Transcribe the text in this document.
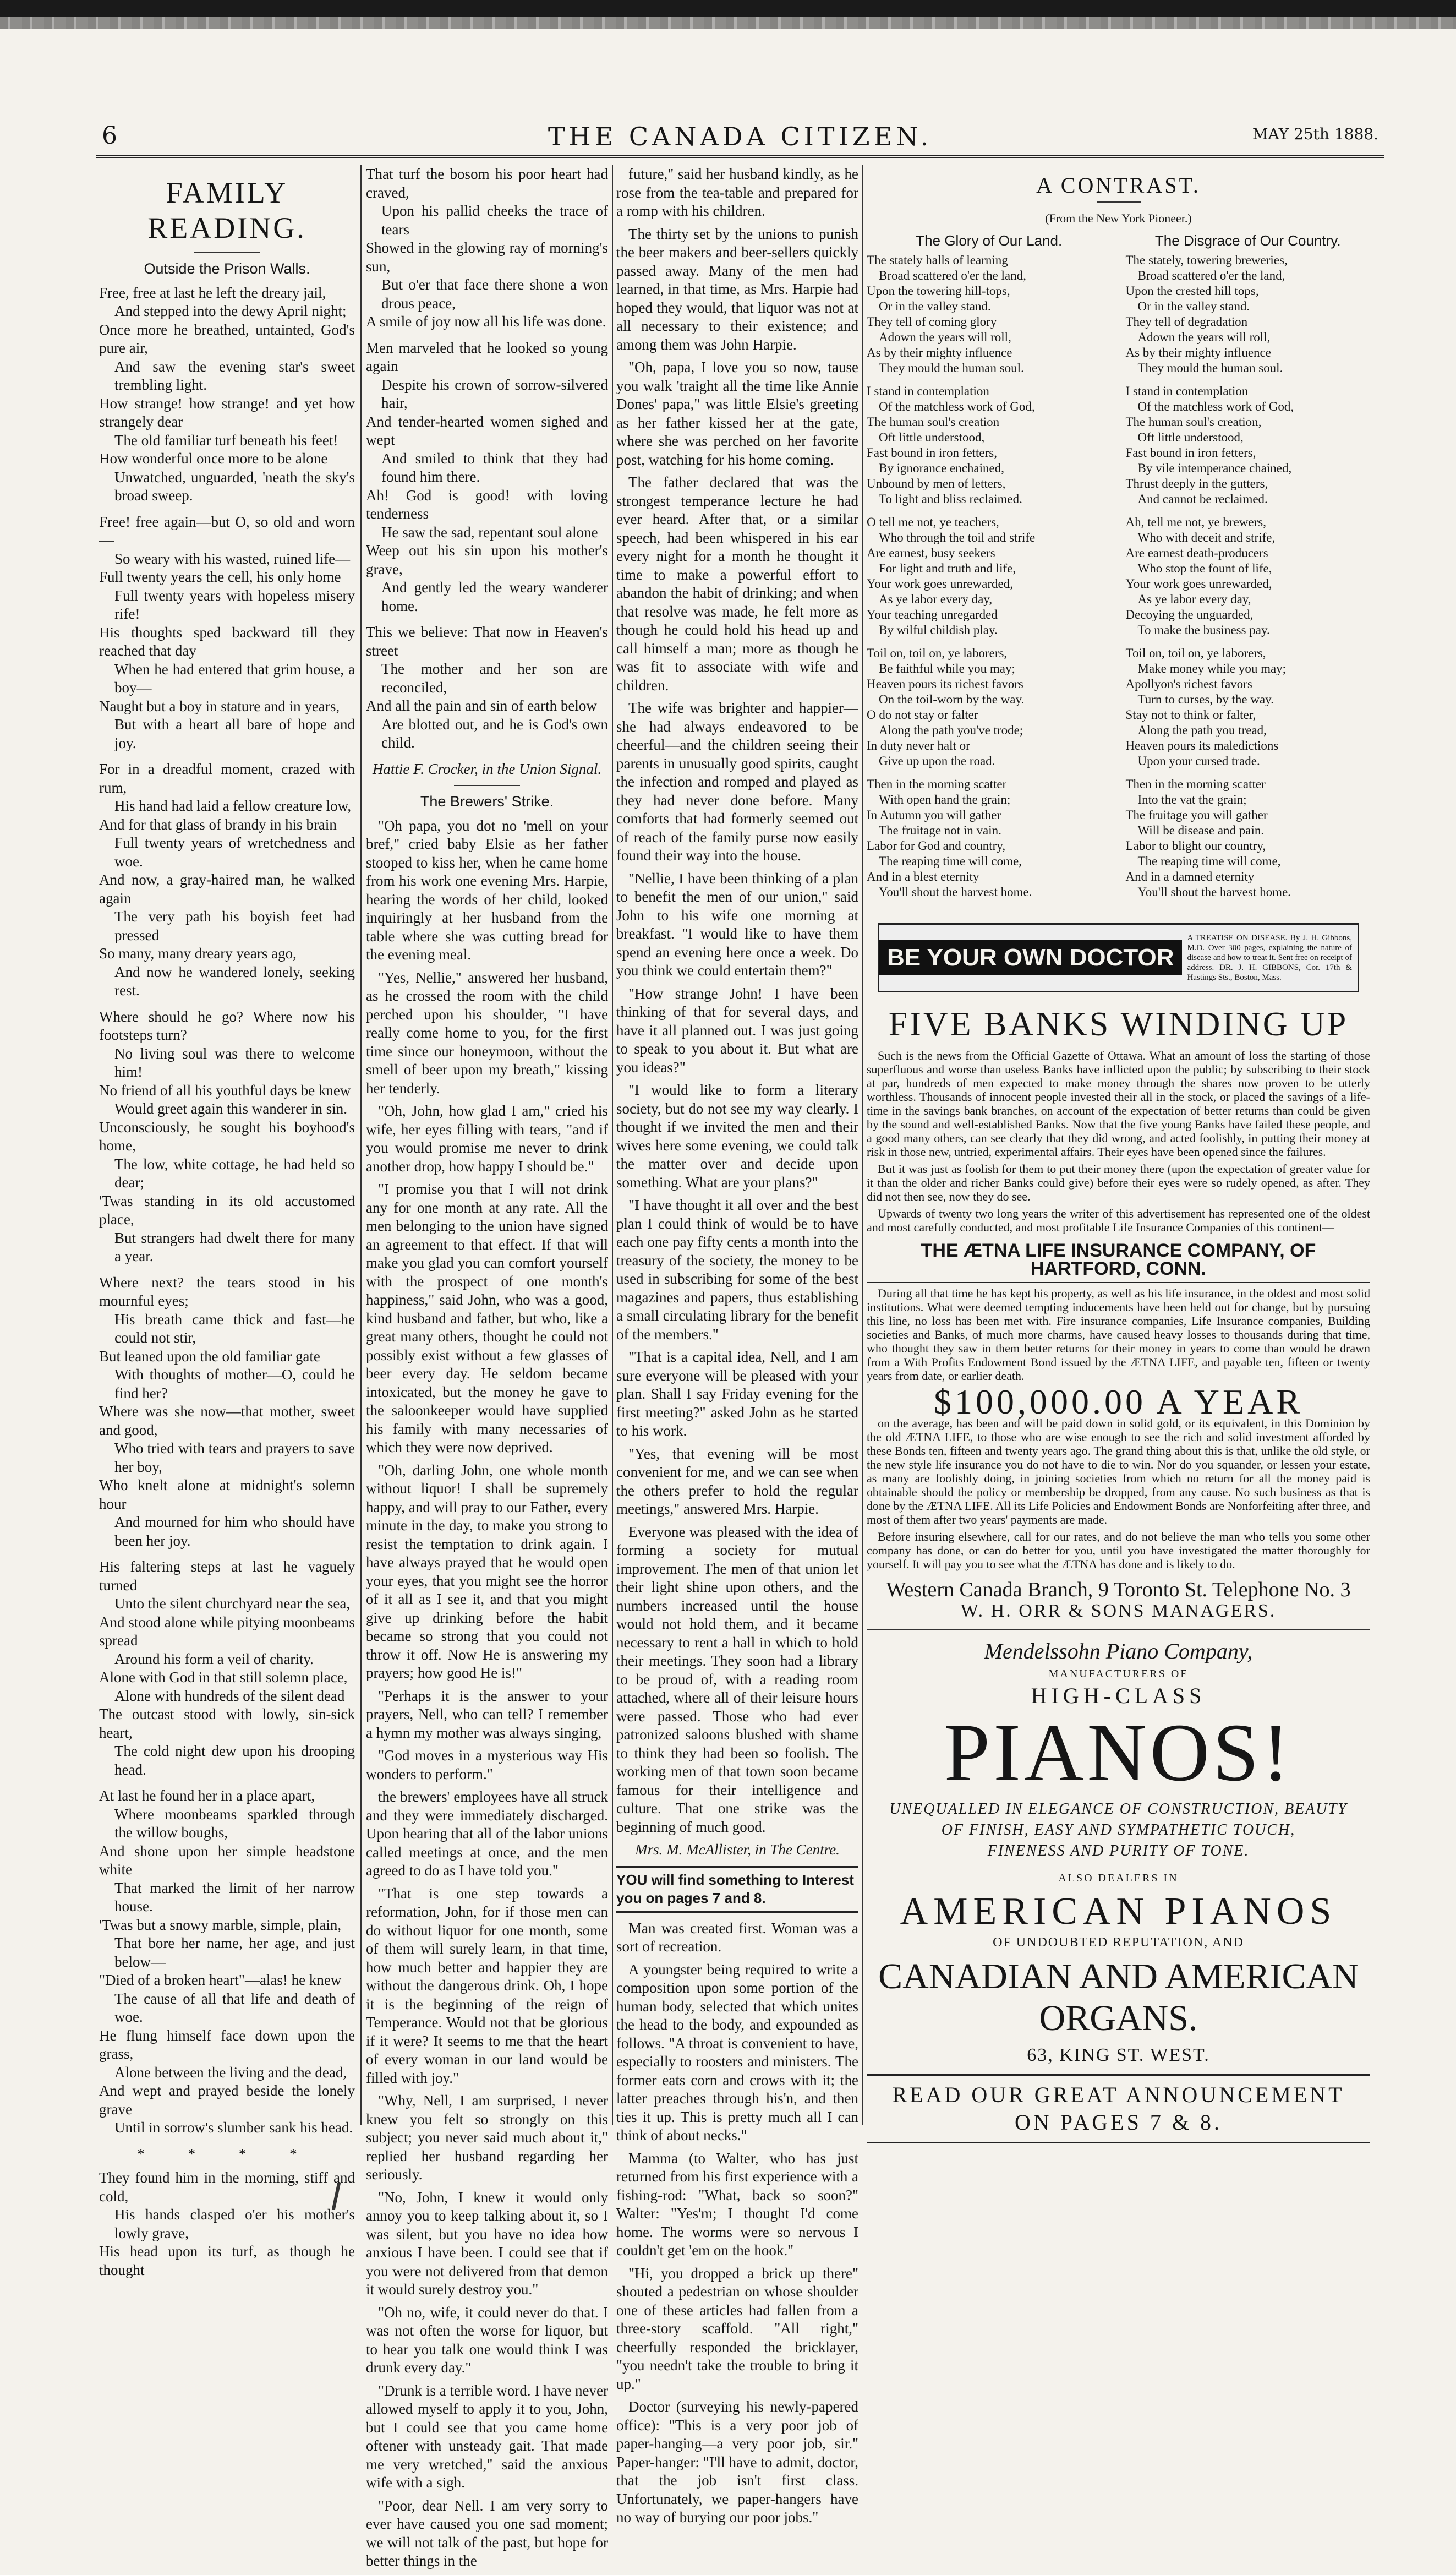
6	THE CANADA CITIZEN.	MAY 25th 1888.
FAMILY READING.
Outside the Prison Walls.

Free, free at last he left the dreary jail,

And stepped into the dewy April night;

Once more he breathed, untainted, God's pure air,

And saw the evening star's sweet trembling light.

How strange! how strange! and yet how strangely dear

The old familiar turf beneath his feet!

How wonderful once more to be alone

Unwatched, unguarded, 'neath the sky's broad sweep.

Free! free again—but O, so old and worn—

So weary with his wasted, ruined life—

Full twenty years the cell, his only home

Full twenty years with hopeless misery rife!

His thoughts sped backward till they reached that day

When he had entered that grim house, a boy—

Naught but a boy in stature and in years,

But with a heart all bare of hope and joy.

For in a dreadful moment, crazed with rum,

His hand had laid a fellow creature low,

And for that glass of brandy in his brain

Full twenty years of wretchedness and woe.

And now, a gray-haired man, he walked again

The very path his boyish feet had pressed

So many, many dreary years ago,

And now he wandered lonely, seeking rest.

Where should he go? Where now his footsteps turn?

No living soul was there to welcome him!

No friend of all his youthful days be knew

Would greet again this wanderer in sin.

Unconsciously, he sought his boyhood's home,

The low, white cottage, he had held so dear;

'Twas standing in its old accustomed place,

But strangers had dwelt there for many a year.

Where next? the tears stood in his mournful eyes;

His breath came thick and fast—he could not stir,

But leaned upon the old familiar gate

With thoughts of mother—O, could he find her?

Where was she now—that mother, sweet and good,

Who tried with tears and prayers to save her boy,

Who knelt alone at midnight's solemn hour

And mourned for him who should have been her joy.

His faltering steps at last he vaguely turned

Unto the silent churchyard near the sea,

And stood alone while pitying moonbeams spread

Around his form a veil of charity.

Alone with God in that still solemn place,

Alone with hundreds of the silent dead

The outcast stood with lowly, sin-sick heart,

The cold night dew upon his drooping head.

At last he found her in a place apart,

Where moonbeams sparkled through the willow boughs,

And shone upon her simple headstone white

That marked the limit of her narrow house.

'Twas but a snowy marble, simple, plain,

That bore her name, her age, and just below—

"Died of a broken heart"—alas! he knew

The cause of all that life and death of woe.

He flung himself face down upon the grass,

Alone between the living and the dead,

And wept and prayed beside the lonely grave

Until in sorrow's slumber sank his head.

* * * *

They found him in the morning, stiff and cold,

His hands clasped o'er his mother's lowly grave,

His head upon its turf, as though he thought

That turf the bosom his poor heart had craved,

Upon his pallid cheeks the trace of tears

Showed in the glowing ray of morning's sun,

But o'er that face there shone a won drous peace,

A smile of joy now all his life was done.

Men marveled that he looked so young again

Despite his crown of sorrow-silvered hair,

And tender-hearted women sighed and wept

And smiled to think that they had found him there.

Ah! God is good! with loving tenderness

He saw the sad, repentant soul alone

Weep out his sin upon his mother's grave,

And gently led the weary wanderer home.

This we believe: That now in Heaven's street

The mother and her son are reconciled,

And all the pain and sin of earth below

Are blotted out, and he is God's own child.

Hattie F. Crocker, in the Union Signal.
The Brewers' Strike.

"Oh papa, you dot no 'mell on your bref," cried baby Elsie as her father stooped to kiss her, when he came home from his work one evening Mrs. Harpie, hearing the words of her child, looked inquiringly at her husband from the table where she was cutting bread for the evening meal.

"Yes, Nellie," answered her husband, as he crossed the room with the child perched upon his shoulder, "I have really come home to you, for the first time since our honeymoon, without the smell of beer upon my breath," kissing her tenderly.

"Oh, John, how glad I am," cried his wife, her eyes filling with tears, "and if you would promise me never to drink another drop, how happy I should be."

"I promise you that I will not drink any for one month at any rate. All the men belonging to the union have signed an agreement to that effect. If that will make you glad you can comfort yourself with the prospect of one month's happiness," said John, who was a good, kind husband and father, but who, like a great many others, thought he could not possibly exist without a few glasses of beer every day. He seldom became intoxicated, but the money he gave to the saloonkeeper would have supplied his family with many necessaries of which they were now deprived.

"Oh, darling John, one whole month without liquor! I shall be supremely happy, and will pray to our Father, every minute in the day, to make you strong to resist the temptation to drink again. I have always prayed that he would open your eyes, that you might see the horror of it all as I see it, and that you might give up drinking before the habit became so strong that you could not throw it off. Now He is answering my prayers; how good He is!"

"Perhaps it is the answer to your prayers, Nell, who can tell? I remember a hymn my mother was always singing,

"God moves in a mysterious way His wonders to perform."

the brewers' employees have all struck and they were immediately discharged. Upon hearing that all of the labor unions called meetings at once, and the men agreed to do as I have told you."

"That is one step towards a reformation, John, for if those men can do without liquor for one month, some of them will surely learn, in that time, how much better and happier they are without the dangerous drink. Oh, I hope it is the beginning of the reign of Temperance. Would not that be glorious if it were? It seems to me that the heart of every woman in our land would be filled with joy."

"Why, Nell, I am surprised, I never knew you felt so strongly on this subject; you never said much about it," replied her husband regarding her seriously.

"No, John, I knew it would only annoy you to keep talking about it, so I was silent, but you have no idea how anxious I have been. I could see that if you were not delivered from that demon it would surely destroy you."

"Oh no, wife, it could never do that. I was not often the worse for liquor, but to hear you talk one would think I was drunk every day."

"Drunk is a terrible word. I have never allowed myself to apply it to you, John, but I could see that you came home oftener with unsteady gait. That made me very wretched," said the anxious wife with a sigh.

"Poor, dear Nell. I am very sorry to ever have caused you one sad moment; we will not talk of the past, but hope for better things in the

future," said her husband kindly, as he rose from the tea-table and prepared for a romp with his children.

The thirty set by the unions to punish the beer makers and beer-sellers quickly passed away. Many of the men had learned, in that time, as Mrs. Harpie had hoped they would, that liquor was not at all necessary to their existence; and among them was John Harpie.

"Oh, papa, I love you so now, tause you walk 'traight all the time like Annie Dones' papa," was little Elsie's greeting as her father kissed her at the gate, where she was perched on her favorite post, watching for his home coming.

The father declared that was the strongest temperance lecture he had ever heard. After that, or a similar speech, had been whispered in his ear every night for a month he thought it time to make a powerful effort to abandon the habit of drinking; and when that resolve was made, he felt more as though he could hold his head up and call himself a man; more as though he was fit to associate with wife and children.

The wife was brighter and happier—she had always endeavored to be cheerful—and the children seeing their parents in unusually good spirits, caught the infection and romped and played as they had never done before. Many comforts that had formerly seemed out of reach of the family purse now easily found their way into the house.

"Nellie, I have been thinking of a plan to benefit the men of our union," said John to his wife one morning at breakfast. "I would like to have them spend an evening here once a week. Do you think we could entertain them?"

"How strange John! I have been thinking of that for several days, and have it all planned out. I was just going to speak to you about it. But what are you ideas?"

"I would like to form a literary society, but do not see my way clearly. I thought if we invited the men and their wives here some evening, we could talk the matter over and decide upon something. What are your plans?"

"I have thought it all over and the best plan I could think of would be to have each one pay fifty cents a month into the treasury of the society, the money to be used in subscribing for some of the best magazines and papers, thus establishing a small circulating library for the benefit of the members."

"That is a capital idea, Nell, and I am sure everyone will be pleased with your plan. Shall I say Friday evening for the first meeting?" asked John as he started to his work.

"Yes, that evening will be most convenient for me, and we can see when the others prefer to hold the regular meetings," answered Mrs. Harpie.

Everyone was pleased with the idea of forming a society for mutual improvement. The men of that union let their light shine upon others, and the numbers increased until the house would not hold them, and it became necessary to rent a hall in which to hold their meetings. They soon had a library to be proud of, with a reading room attached, where all of their leisure hours were passed. Those who had ever patronized saloons blushed with shame to think they had been so foolish. The working men of that town soon became famous for their intelligence and culture. That one strike was the beginning of much good.

Mrs. M. McAllister, in The Centre.
YOU will find something to Interest you on pages 7 and 8.

Man was created first. Woman was a sort of recreation.

A youngster being required to write a composition upon some portion of the human body, selected that which unites the head to the body, and expounded as follows. "A throat is convenient to have, especially to roosters and ministers. The former eats corn and crows with it; the latter preaches through his'n, and then ties it up. This is pretty much all I can think of about necks."

Mamma (to Walter, who has just returned from his first experience with a fishing-rod: "What, back so soon?" Walter: "Yes'm; I thought I'd come home. The worms were so nervous I couldn't get 'em on the hook."

"Hi, you dropped a brick up there" shouted a pedestrian on whose shoulder one of these articles had fallen from a three-story scaffold. "All right," cheerfully responded the bricklayer, "you needn't take the trouble to bring it up."

Doctor (surveying his newly-papered office): "This is a very poor job of paper-hanging—a very poor job, sir." Paper-hanger: "I'll have to admit, doctor, that the job isn't first class. Unfortunately, we paper-hangers have no way of burying our poor jobs."

A CONTRAST.
(From the New York Pioneer.)
The Glory of Our Land.

The stately halls of learning

Broad scattered o'er the land,

Upon the towering hill-tops,

Or in the valley stand.

They tell of coming glory

Adown the years will roll,

As by their mighty influence

They mould the human soul.

I stand in contemplation

Of the matchless work of God,

The human soul's creation

Oft little understood,

Fast bound in iron fetters,

By ignorance enchained,

Unbound by men of letters,

To light and bliss reclaimed.

O tell me not, ye teachers,

Who through the toil and strife

Are earnest, busy seekers

For light and truth and life,

Your work goes unrewarded,

As ye labor every day,

Your teaching unregarded

By wilful childish play.

Toil on, toil on, ye laborers,

Be faithful while you may;

Heaven pours its richest favors

On the toil-worn by the way.

O do not stay or falter

Along the path you've trode;

In duty never halt or

Give up upon the road.

Then in the morning scatter

With open hand the grain;

In Autumn you will gather

The fruitage not in vain.

Labor for God and country,

The reaping time will come,

And in a blest eternity

You'll shout the harvest home.

The Disgrace of Our Country.

The stately, towering breweries,

Broad scattered o'er the land,

Upon the crested hill tops,

Or in the valley stand.

They tell of degradation

Adown the years will roll,

As by their mighty influence

They mould the human soul.

I stand in contemplation

Of the matchless work of God,

The human soul's creation,

Oft little understood,

Fast bound in iron fetters,

By vile intemperance chained,

Thrust deeply in the gutters,

And cannot be reclaimed.

Ah, tell me not, ye brewers,

Who with deceit and strife,

Are earnest death-producers

Who stop the fount of life,

Your work goes unrewarded,

As ye labor every day,

Decoying the unguarded,

To make the business pay.

Toil on, toil on, ye laborers,

Make money while you may;

Apollyon's richest favors

Turn to curses, by the way.

Stay not to think or falter,

Along the path you tread,

Heaven pours its maledictions

Upon your cursed trade.

Then in the morning scatter

Into the vat the grain;

The fruitage you will gather

Will be disease and pain.

Labor to blight our country,

The reaping time will come,

And in a damned eternity

You'll shout the harvest home.

BE YOUR OWN DOCTOR
A TREATISE ON DISEASE. By J. H. Gibbons, M.D. Over 300 pages, explaining the nature of disease and how to treat it. Sent free on receipt of address. DR. J. H. GIBBONS, Cor. 17th & Hastings Sts., Boston, Mass.
FIVE BANKS WINDING UP

Such is the news from the Official Gazette of Ottawa. What an amount of loss the starting of those superfluous and worse than useless Banks have inflicted upon the public; by subscribing to their stock at par, hundreds of men expected to make money through the shares now proven to be utterly worthless. Thousands of innocent people invested their all in the stock, or placed the savings of a life-time in the savings bank branches, on account of the expectation of better returns than could be given by the sound and well-established Banks. Now that the five young Banks have failed these people, and a good many others, can see clearly that they did wrong, and acted foolishly, in putting their money at risk in those new, untried, experimental affairs. Their eyes have been opened since the failures.

But it was just as foolish for them to put their money there (upon the expectation of greater value for it than the older and richer Banks could give) before their eyes were so rudely opened, as after. They did not then see, now they do see.

Upwards of twenty two long years the writer of this advertisement has represented one of the oldest and most carefully conducted, and most profitable Life Insurance Companies of this continent—

THE ÆTNA LIFE INSURANCE COMPANY, OF HARTFORD, CONN.

During all that time he has kept his property, as well as his life insurance, in the oldest and most solid institutions. What were deemed tempting inducements have been held out for change, but by pursuing this line, no loss has been met with. Fire insurance companies, Life Insurance companies, Building societies and Banks, of much more charms, have caused heavy losses to thousands during that time, who thought they saw in them better returns for their money in years to come than would be drawn from a With Profits Endowment Bond issued by the ÆTNA LIFE, and payable ten, fifteen or twenty years from date, or earlier death.

$100,000.00 A YEAR

on the average, has been and will be paid down in solid gold, or its equivalent, in this Dominion by the old ÆTNA LIFE, to those who are wise enough to see the rich and solid investment afforded by these Bonds ten, fifteen and twenty years ago. The grand thing about this is that, unlike the old style, or the new style life insurance you do not have to die to win. Nor do you squander, or lessen your estate, as many are foolishly doing, in joining societies from which no return for all the money paid is obtainable should the policy or membership be dropped, from any cause. No such business as that is done by the ÆTNA LIFE. All its Life Policies and Endowment Bonds are Nonforfeiting after three, and most of them after two years' payments are made.

Before insuring elsewhere, call for our rates, and do not believe the man who tells you some other company has done, or can do better for you, until you have investigated the matter thoroughly for yourself. It will pay you to see what the ÆTNA has done and is likely to do.

Western Canada Branch, 9 Toronto St. Telephone No. 3
W. H. ORR & SONS MANAGERS.
Mendelssohn Piano Company,
MANUFACTURERS OF
HIGH-CLASS
PIANOS!
UNEQUALLED IN ELEGANCE OF CONSTRUCTION, BEAUTY
OF FINISH, EASY AND SYMPATHETIC TOUCH,
FINENESS AND PURITY OF TONE.
ALSO DEALERS IN
AMERICAN PIANOS
OF UNDOUBTED REPUTATION, AND
CANADIAN AND AMERICAN ORGANS.
63, KING ST. WEST.
READ OUR GREAT ANNOUNCEMENT
ON PAGES 7 & 8.
